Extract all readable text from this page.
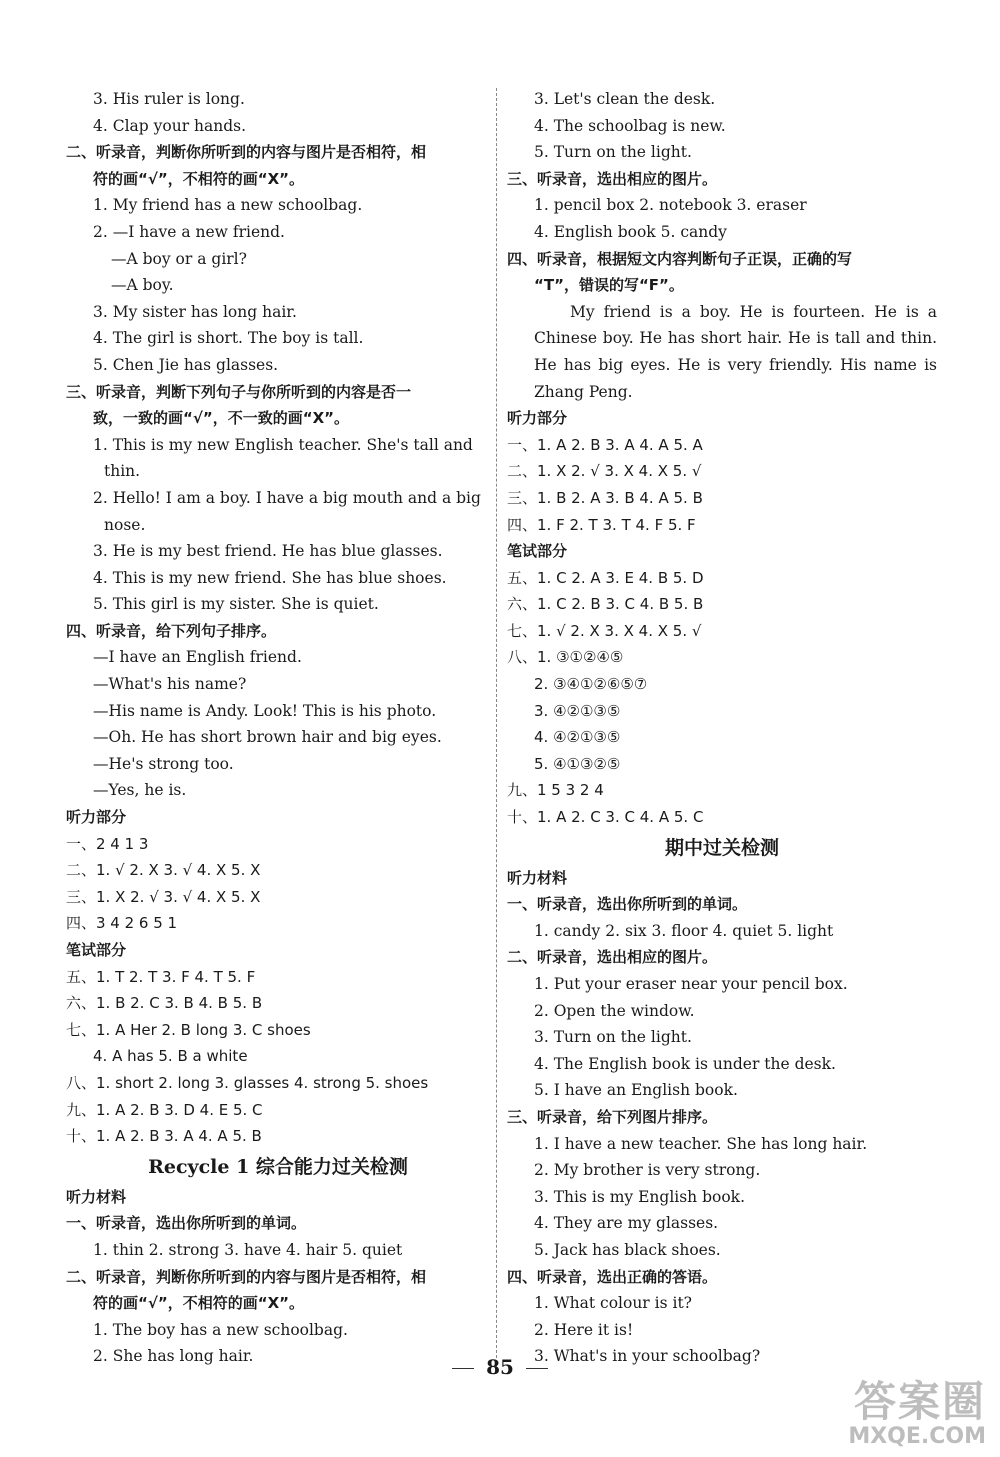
3. His ruler is long.
4. Clap your hands.
二、听录音，判断你所听到的内容与图片是否相符，相
符的画“√”，不相符的画“X”。
1. My friend has a new schoolbag.
2. —I have a new friend.
—A boy or a girl?
—A boy.
3. My sister has long hair.
4. The girl is short. The boy is tall.
5. Chen Jie has glasses.
三、听录音，判断下列句子与你所听到的内容是否一
致，一致的画“√”，不一致的画“X”。
1. This is my new English teacher. She's tall and
thin.
2. Hello! I am a boy. I have a big mouth and a big
nose.
3. He is my best friend. He has blue glasses.
4. This is my new friend. She has blue shoes.
5. This girl is my sister. She is quiet.
四、听录音，给下列句子排序。
—I have an English friend.
—What's his name?
—His name is Andy. Look! This is his photo.
—Oh. He has short brown hair and big eyes.
—He's strong too.
—Yes, he is.
听力部分
一、2 4 1 3
二、1. √ 2. X 3. √ 4. X 5. X
三、1. X 2. √ 3. √ 4. X 5. X
四、3 4 2 6 5 1
笔试部分
五、1. T 2. T 3. F 4. T 5. F
六、1. B 2. C 3. B 4. B 5. B
七、1. A Her 2. B long 3. C shoes
4. A has 5. B a white
八、1. short 2. long 3. glasses 4. strong 5. shoes
九、1. A 2. B 3. D 4. E 5. C
十、1. A 2. B 3. A 4. A 5. B
Recycle 1 综合能力过关检测
听力材料
一、听录音，选出你所听到的单词。
1. thin 2. strong 3. have 4. hair 5. quiet
二、听录音，判断你所听到的内容与图片是否相符，相
符的画“√”，不相符的画“X”。
1. The boy has a new schoolbag.
2. She has long hair.
3. Let's clean the desk.
4. The schoolbag is new.
5. Turn on the light.
三、听录音，选出相应的图片。
1. pencil box 2. notebook 3. eraser
4. English book 5. candy
四、听录音，根据短文内容判断句子正误，正确的写
“T”，错误的写“F”。
My friend is a boy. He is fourteen. He is a Chinese boy. He has short hair. He is tall and thin. He has big eyes. He is very friendly. His name is Zhang Peng.
听力部分
一、1. A 2. B 3. A 4. A 5. A
二、1. X 2. √ 3. X 4. X 5. √
三、1. B 2. A 3. B 4. A 5. B
四、1. F 2. T 3. T 4. F 5. F
笔试部分
五、1. C 2. A 3. E 4. B 5. D
六、1. C 2. B 3. C 4. B 5. B
七、1. √ 2. X 3. X 4. X 5. √
八、1. ③①②④⑤
2. ③④①②⑥⑤⑦
3. ④②①③⑤
4. ④②①③⑤
5. ④①③②⑤
九、1 5 3 2 4
十、1. A 2. C 3. C 4. A 5. C
期中过关检测
听力材料
一、听录音，选出你所听到的单词。
1. candy 2. six 3. floor 4. quiet 5. light
二、听录音，选出相应的图片。
1. Put your eraser near your pencil box.
2. Open the window.
3. Turn on the light.
4. The English book is under the desk.
5. I have an English book.
三、听录音，给下列图片排序。
1. I have a new teacher. She has long hair.
2. My brother is very strong.
3. This is my English book.
4. They are my glasses.
5. Jack has black shoes.
四、听录音，选出正确的答语。
1. What colour is it?
2. Here it is!
3. What's in your schoolbag?
85
答案圈
MXQE.COM
